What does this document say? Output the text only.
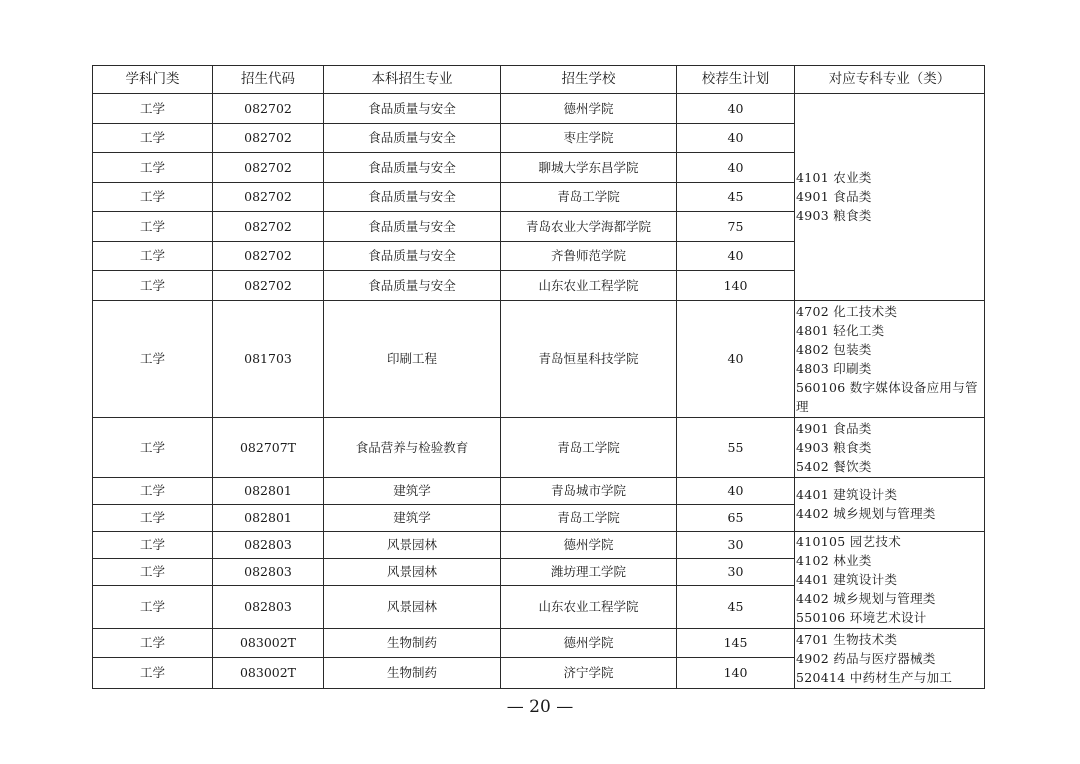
学科门类	招生代码	本科招生专业	招生学校	校荐生计划	对应专科专业（类）
工学	082702	食品质量与安全	德州学院	40	4101 农业类
4901 食品类
4903 粮食类

工学	082702	食品质量与安全	枣庄学院	40	
工学	082702	食品质量与安全	聊城大学东昌学院	40	
工学	082702	食品质量与安全	青岛工学院	45	
工学	082702	食品质量与安全	青岛农业大学海都学院	75	
工学	082702	食品质量与安全	齐鲁师范学院	40	
工学	082702	食品质量与安全	山东农业工程学院	140	
工学	081703	印刷工程	青岛恒星科技学院	40	4702 化工技术类
4801 轻化工类
4802 包装类
4803 印刷类
560106 数字媒体设备应用与管理

工学	082707T	食品营养与检验教育	青岛工学院	55	4901 食品类
4903 粮食类
5402 餐饮类

工学	082801	建筑学	青岛城市学院	40	4401 建筑设计类
4402 城乡规划与管理类

工学	082801	建筑学	青岛工学院	65	
工学	082803	风景园林	德州学院	30	410105 园艺技术
4102 林业类
4401 建筑设计类
4402 城乡规划与管理类
550106 环境艺术设计

工学	082803	风景园林	潍坊理工学院	30	
工学	082803	风景园林	山东农业工程学院	45	
工学	083002T	生物制药	德州学院	145	4701 生物技术类
4902 药品与医疗器械类
520414 中药材生产与加工

工学	083002T	生物制药	济宁学院	140	
— 20 —
